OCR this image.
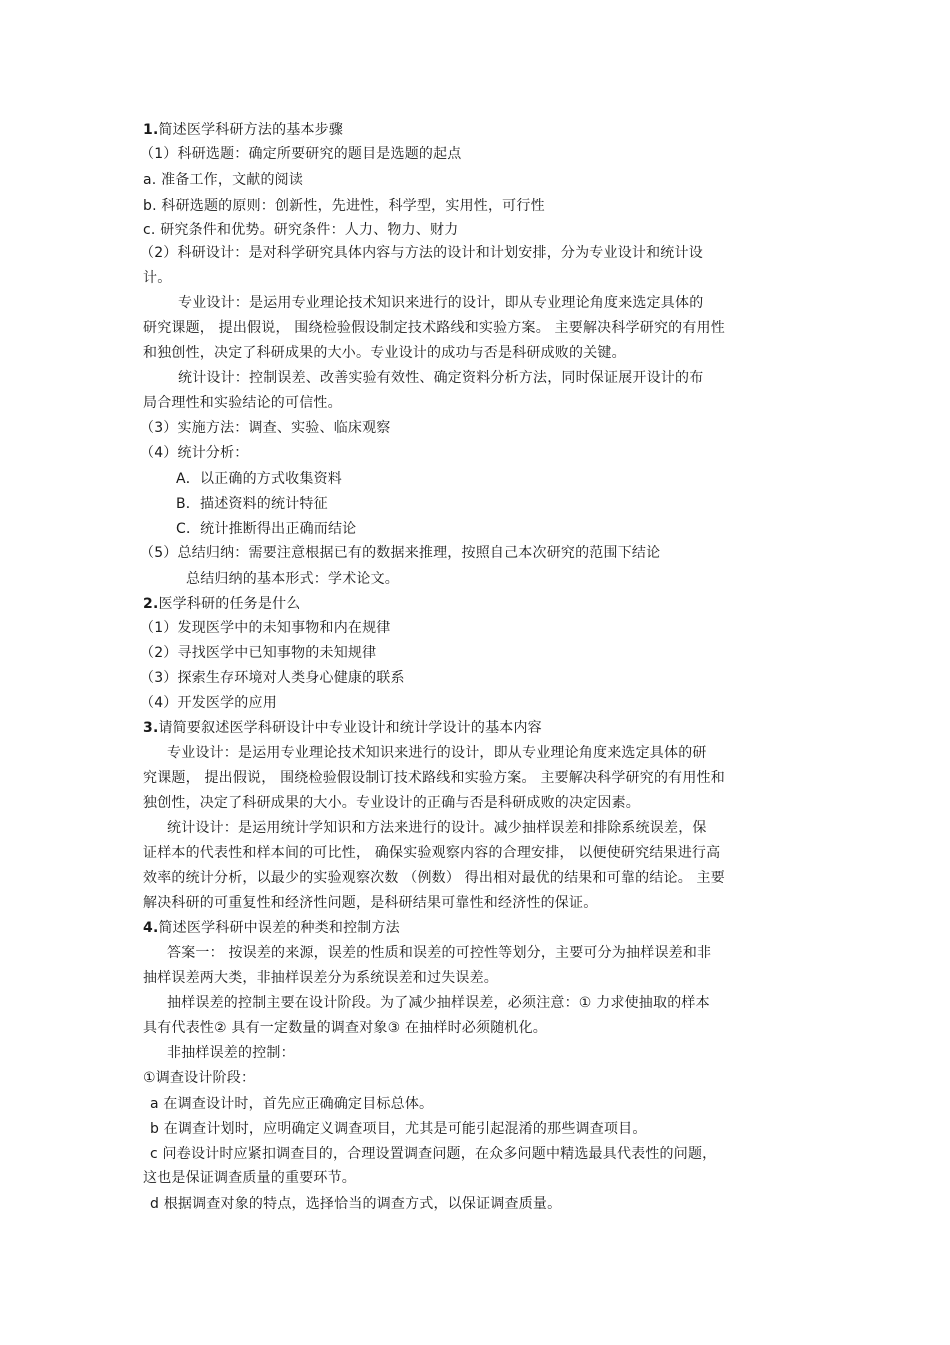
1.简述医学科研方法的基本步骤
（1）科研选题：确定所要研究的题目是选题的起点
a. 准备工作，文献的阅读
b. 科研选题的原则：创新性，先进性，科学型，实用性，可行性
c. 研究条件和优势。研究条件：人力、物力、财力
（2）科研设计：是对科学研究具体内容与方法的设计和计划安排，分为专业设计和统计设
计。
专业设计：是运用专业理论技术知识来进行的设计，即从专业理论角度来选定具体的
研究课题， 提出假说， 围绕检验假设制定技术路线和实验方案。 主要解决科学研究的有用性
和独创性，决定了科研成果的大小。专业设计的成功与否是科研成败的关键。
统计设计：控制误差、改善实验有效性、确定资料分析方法，同时保证展开设计的布
局合理性和实验结论的可信性。
（3）实施方法：调查、实验、临床观察
（4）统计分析：
A．以正确的方式收集资料
B．描述资料的统计特征
C．统计推断得出正确而结论
（5）总结归纳：需要注意根据已有的数据来推理，按照自己本次研究的范围下结论
总结归纳的基本形式：学术论文。
2.医学科研的任务是什么
（1）发现医学中的未知事物和内在规律
（2）寻找医学中已知事物的未知规律
（3）探索生存环境对人类身心健康的联系
（4）开发医学的应用
3.请简要叙述医学科研设计中专业设计和统计学设计的基本内容
专业设计：是运用专业理论技术知识来进行的设计，即从专业理论角度来选定具体的研
究课题， 提出假说， 围绕检验假设制订技术路线和实验方案。 主要解决科学研究的有用性和
独创性，决定了科研成果的大小。专业设计的正确与否是科研成败的决定因素。
统计设计：是运用统计学知识和方法来进行的设计。减少抽样误差和排除系统误差，保
证样本的代表性和样本间的可比性， 确保实验观察内容的合理安排， 以便使研究结果进行高
效率的统计分析，以最少的实验观察次数 （例数） 得出相对最优的结果和可靠的结论。 主要
解决科研的可重复性和经济性问题，是科研结果可靠性和经济性的保证。
4.简述医学科研中误差的种类和控制方法
答案一： 按误差的来源，误差的性质和误差的可控性等划分，主要可分为抽样误差和非
抽样误差两大类，非抽样误差分为系统误差和过失误差。
抽样误差的控制主要在设计阶段。为了减少抽样误差，必须注意：① 力求使抽取的样本
具有代表性② 具有一定数量的调查对象③ 在抽样时必须随机化。
非抽样误差的控制：
①调查设计阶段：
a 在调查设计时，首先应正确确定目标总体。
b 在调查计划时，应明确定义调查项目，尤其是可能引起混淆的那些调查项目。
c 问卷设计时应紧扣调查目的，合理设置调查问题，在众多问题中精选最具代表性的问题，
这也是保证调查质量的重要环节。
d 根据调查对象的特点，选择恰当的调查方式，以保证调查质量。
